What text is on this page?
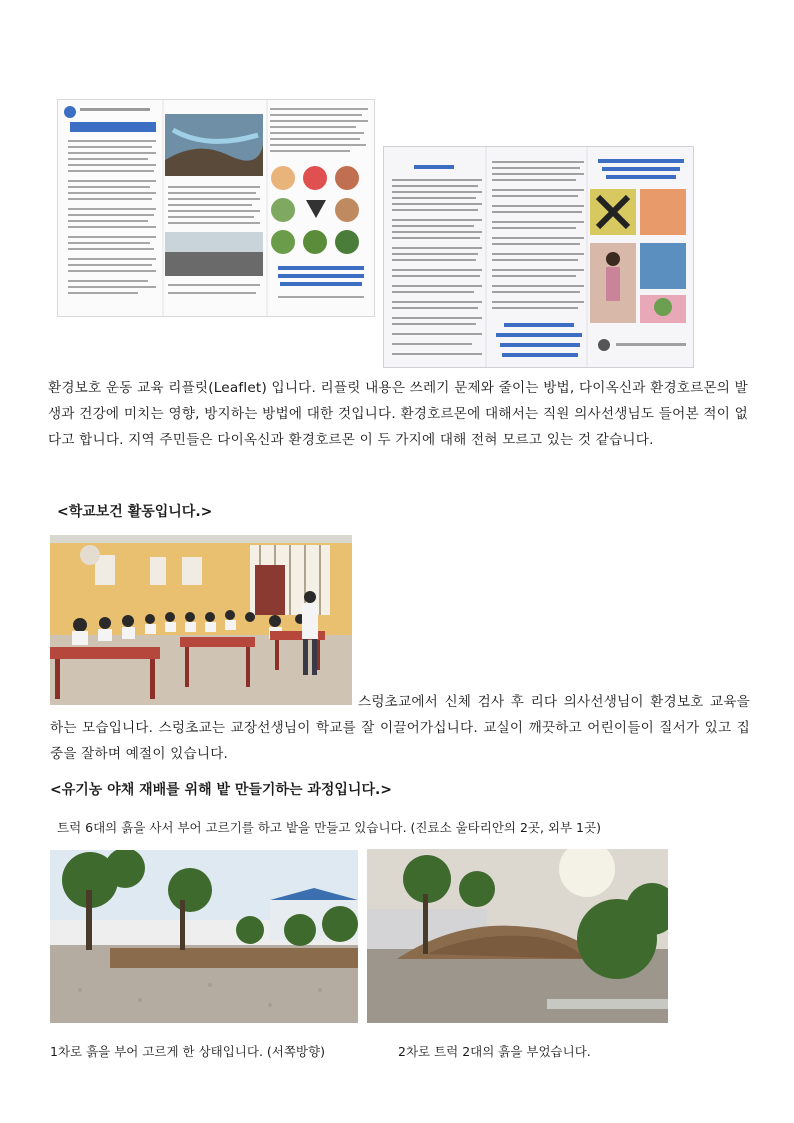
환경보호 운동 교육 리플릿(Leaflet) 입니다. 리플릿 내용은 쓰레기 문제와 줄이는 방법, 다이옥신과 환경호르몬의 발생과 건강에 미치는 영향, 방지하는 방법에 대한 것입니다. 환경호르몬에 대해서는 직원 의사선생님도 들어본 적이 없다고 합니다. 지역 주민들은 다이옥신과 환경호르몬 이 두 가지에 대해 전혀 모르고 있는 것 같습니다.

<학교보건 활동입니다.>
스렁초교에서 신체 검사 후 리다 의사선생님이 환경보호 교육을 하는 모습입니다. 스렁초교는 교장선생님이 학교를 잘 이끌어가십니다. 교실이 깨끗하고 어린이들이 질서가 있고 집중을 잘하며 예절이 있습니다.
<유기농 야채 재배를 위해 밭 만들기하는 과정입니다.>
트럭 6대의 흙을 사서 부어 고르기를 하고 밭을 만들고 있습니다. (진료소 울타리안의 2곳, 외부 1곳)
1차로 흙을 부어 고르게 한 상태입니다. (서쪽방향)	2차로 트럭 2대의 흙을 부었습니다.
